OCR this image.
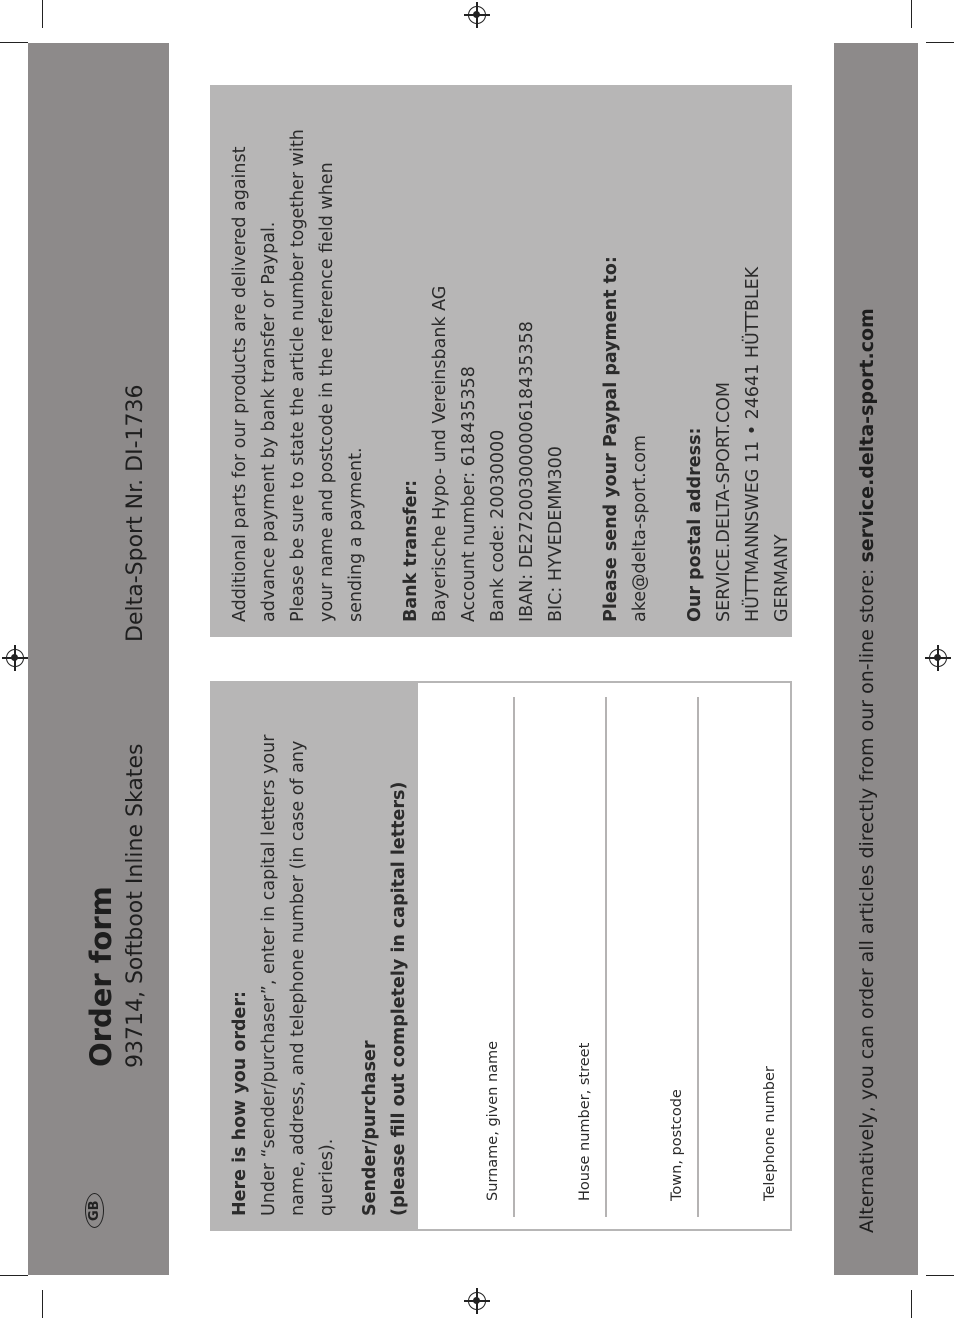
GB
Order form 93714, Softboot Inline Skates
Delta-Sport Nr. DI-1736
Here is how you order: Under “sender/purchaser”, enter in capital letters your name, address, and telephone number (in case of any queries). Sender/purchaser (please fill out completely in capital letters)	Surname, given name	House number, street	Town, postcode	Telephone number
Additional parts for our products are delivered against advance payment by bank transfer or Paypal. Please be sure to state the article number together with your name and postcode in the reference field when sending a payment. Bank transfer: Bayerische Hypo- und Vereinsbank AG Account number: 618435358 Bank code: 20030000 IBAN: DE27200300000618435358 BIC: HYVEDEMM300 Please send your Paypal payment to: ake@delta-sport.com Our postal address: SERVICE.DELTA-SPORT.COM HÜTTMANNSWEG 11 • 24641 HÜTTBLEK GERMANY	Alternatively, you can order all articles directly from our on-line store: service.delta-sport.com
